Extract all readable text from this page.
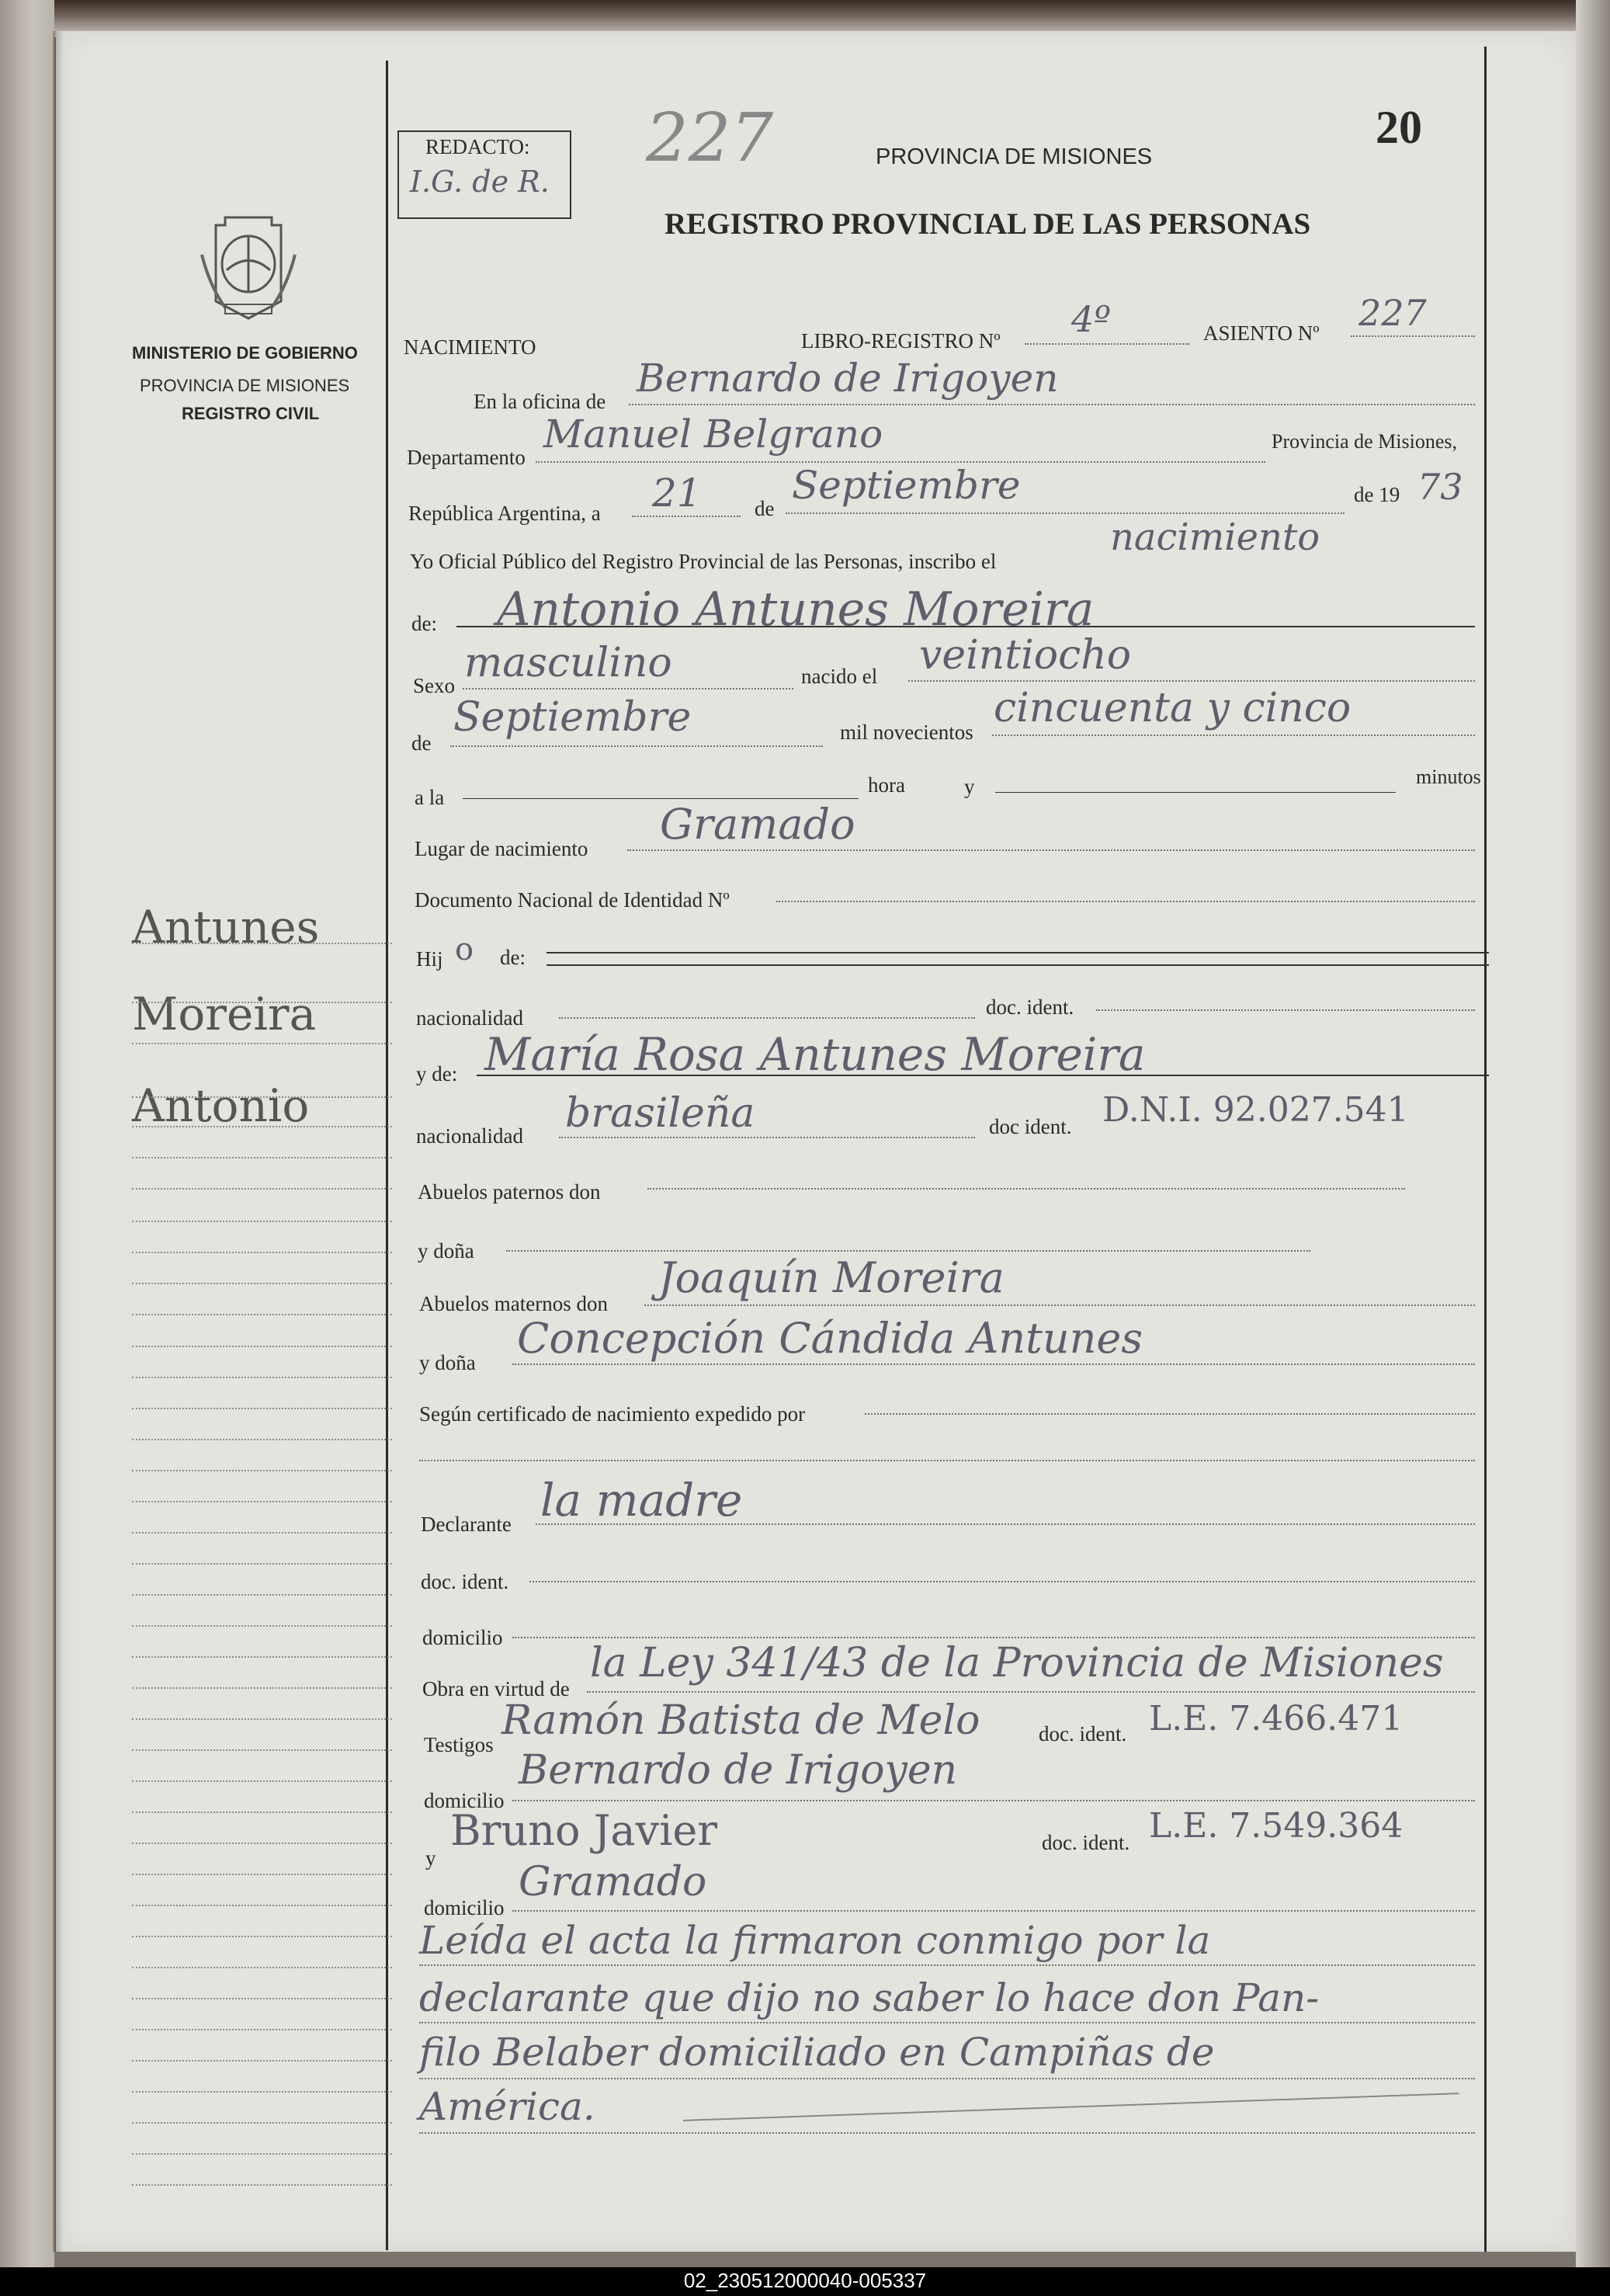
REDACTO:
I.G. de R.
227	20
PROVINCIA DE MISIONES
REGISTRO PROVINCIAL DE LAS PERSONAS
MINISTERIO DE GOBIERNO
PROVINCIA DE MISIONES
REGISTRO CIVIL
Antunes
Moreira
Antonio
NACIMIENTO	LIBRO-REGISTRO Nº
4º	ASIENTO Nº 227
En la oficina de
Bernardo de Irigoyen
Departamento
Manuel Belgrano	Provincia de Misiones,
República Argentina, a 21	de
Septiembre	de 19 73
Yo Oficial Público del Registro Provincial de las Personas, inscribo el
nacimiento
de: Antonio Antunes Moreira
Sexo masculino	nacido el veintiocho
de
Septiembre	mil novecientos
cincuenta y cinco
a la
hora	y	minutos
Lugar de nacimiento Gramado
Documento Nacional de Identidad Nº
Hij o de:
nacionalidad	doc. ident.
y de: María Rosa Antunes Moreira
nacionalidad brasileña	doc ident. D.N.I. 92.027.541
Abuelos paternos don
y doña
Abuelos maternos don
Joaquín Moreira
y doña Concepción Cándida Antunes
Según certificado de nacimiento expedido por
Declarante la madre
doc. ident.
domicilio
Obra en virtud de
la Ley 341/43 de la Provincia de Misiones
Testigos
Ramón Batista de Melo	doc. ident. L.E. 7.466.471
domicilio
Bernardo de Irigoyen
y
Bruno Javier	doc. ident. L.E. 7.549.364
domicilio
Gramado
Leída el acta la firmaron conmigo por la
declarante que dijo no saber lo hace don Pan-
filo Belaber domiciliado en Campiñas de
América.
02_230512000040-005337
